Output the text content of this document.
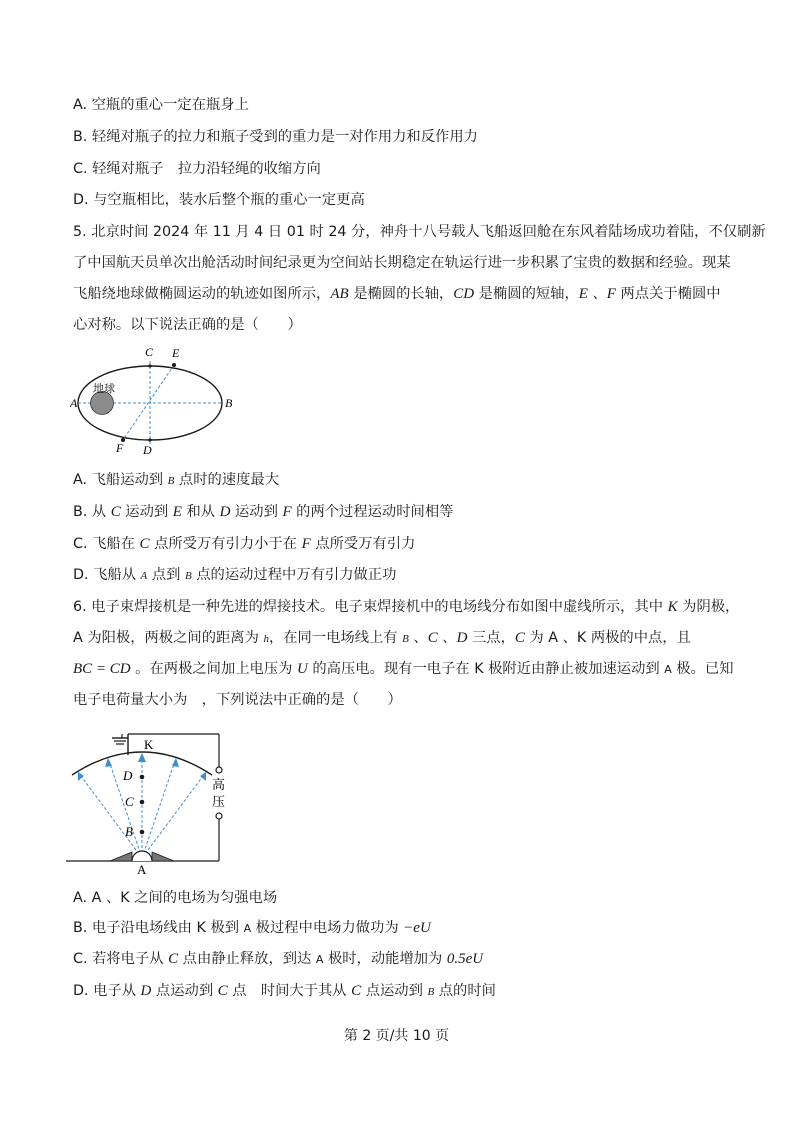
A. 空瓶的重心一定在瓶身上
B. 轻绳对瓶子的拉力和瓶子受到的重力是一对作用力和反作用力
C. 轻绳对瓶子　拉力沿轻绳的收缩方向
D. 与空瓶相比，装水后整个瓶的重心一定更高
5. 北京时间 2024 年 11 月 4 日 01 时 24 分，神舟十八号载人飞船返回舱在东风着陆场成功着陆，不仅刷新
了中国航天员单次出舱活动时间纪录更为空间站长期稳定在轨运行进一步积累了宝贵的数据和经验。现某
飞船绕地球做椭圆运动的轨迹如图所示，AB 是椭圆的长轴，CD 是椭圆的短轴，E 、F 两点关于椭圆中
心对称。以下说法正确的是（　　）
地球
C E
A	B
F D
A. 飞船运动到 B 点时的速度最大
B. 从 C 运动到 E 和从 D 运动到 F 的两个过程运动时间相等
C. 飞船在 C 点所受万有引力小于在 F 点所受万有引力
D. 飞船从 A 点到 B 点的运动过程中万有引力做正功
6. 电子束焊接机是一种先进的焊接技术。电子束焊接机中的电场线分布如图中虚线所示，其中 K 为阴极，
A 为阳极，两极之间的距离为 h，在同一电场线上有 B 、C 、D 三点，C 为 A 、K 两极的中点，且
BC = CD 。在两极之间加上电压为 U 的高压电。现有一电子在 K 极附近由静止被加速运动到 A 极。已知
电子电荷量大小为　，下列说法中正确的是（　　）
高
压
K
D
C
B
A
A. A 、K 之间的电场为匀强电场
B. 电子沿电场线由 K 极到 A 极过程中电场力做功为 −eU
C. 若将电子从 C 点由静止释放，到达 A 极时，动能增加为 0.5eU
D. 电子从 D 点运动到 C 点　时间大于其从 C 点运动到 B 点的时间
第 2 页/共 10 页
